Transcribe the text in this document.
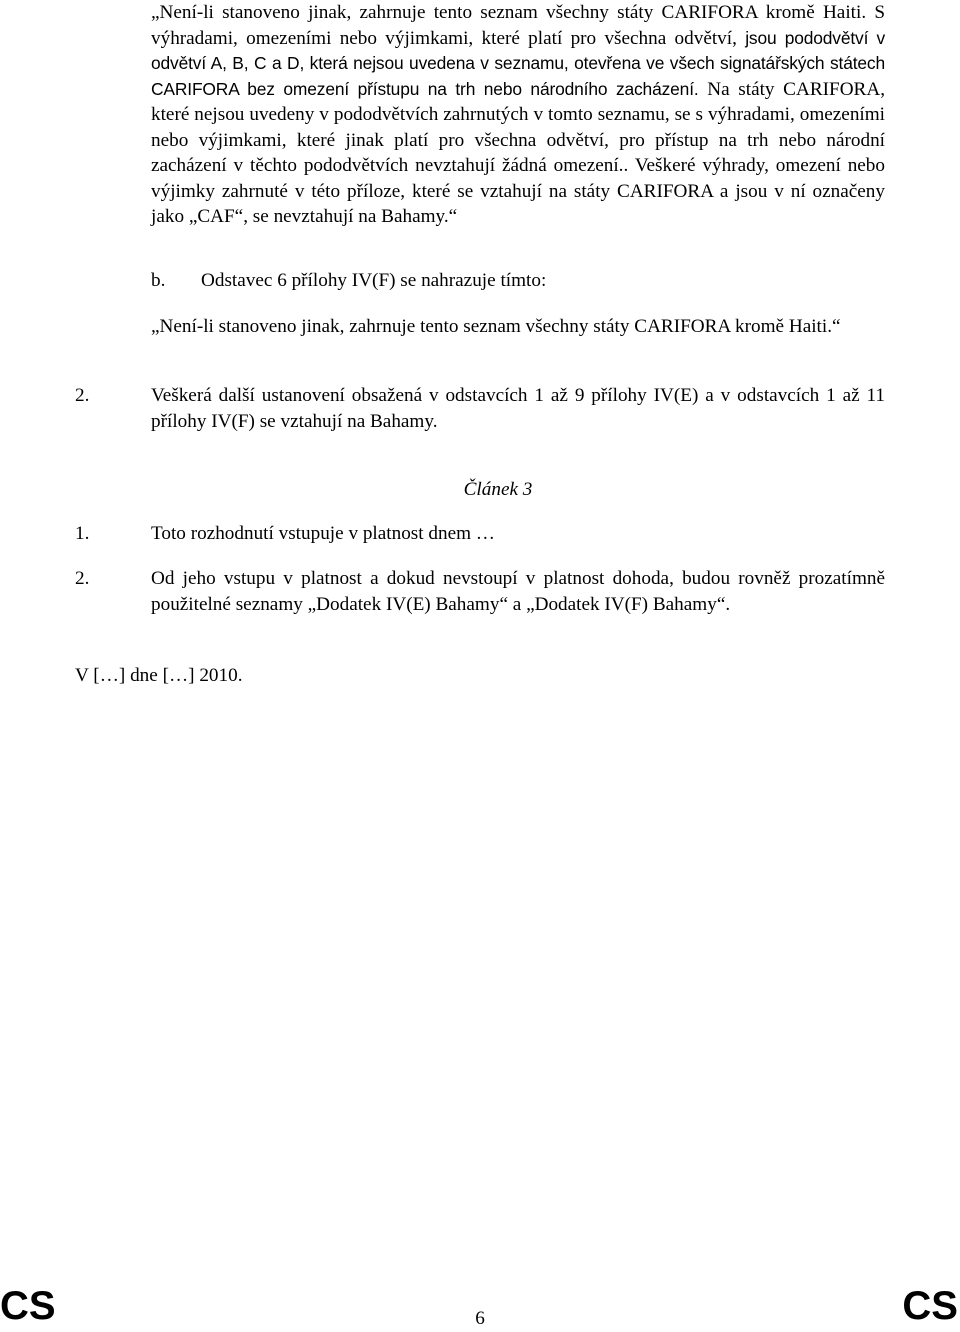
„Není-li stanoveno jinak, zahrnuje tento seznam všechny státy CARIFORA kromě Haiti. S výhradami, omezeními nebo výjimkami, které platí pro všechna odvětví, jsou pododvětví v odvětví A, B, C a D, která nejsou uvedena v seznamu, otevřena ve všech signatářských státech CARIFORA bez omezení přístupu na trh nebo národního zacházení. Na státy CARIFORA, které nejsou uvedeny v pododvětvích zahrnutých v tomto seznamu, se s výhradami, omezeními nebo výjimkami, které jinak platí pro všechna odvětví, pro přístup na trh nebo národní zacházení v těchto pododvětvích nevztahují žádná omezení.. Veškeré výhrady, omezení nebo výjimky zahrnuté v této příloze, které se vztahují na státy CARIFORA a jsou v ní označeny jako „CAF“, se nevztahují na Bahamy.“

b. Odstavec 6 přílohy IV(F) se nahrazuje tímto:

„Není-li stanoveno jinak, zahrnuje tento seznam všechny státy CARIFORA kromě Haiti.“

2.	Veškerá další ustanovení obsažená v odstavcích 1 až 9 přílohy IV(E) a v odstavcích 1 až 11 přílohy IV(F) se vztahují na Bahamy.

Článek 3

1.	Toto rozhodnutí vstupuje v platnost dnem …

2.	Od jeho vstupu v platnost a dokud nevstoupí v platnost dohoda, budou rovněž prozatímně použitelné seznamy „Dodatek IV(E) Bahamy“ a „Dodatek IV(F) Bahamy“.

V […] dne […] 2010.

CS	6	CS
